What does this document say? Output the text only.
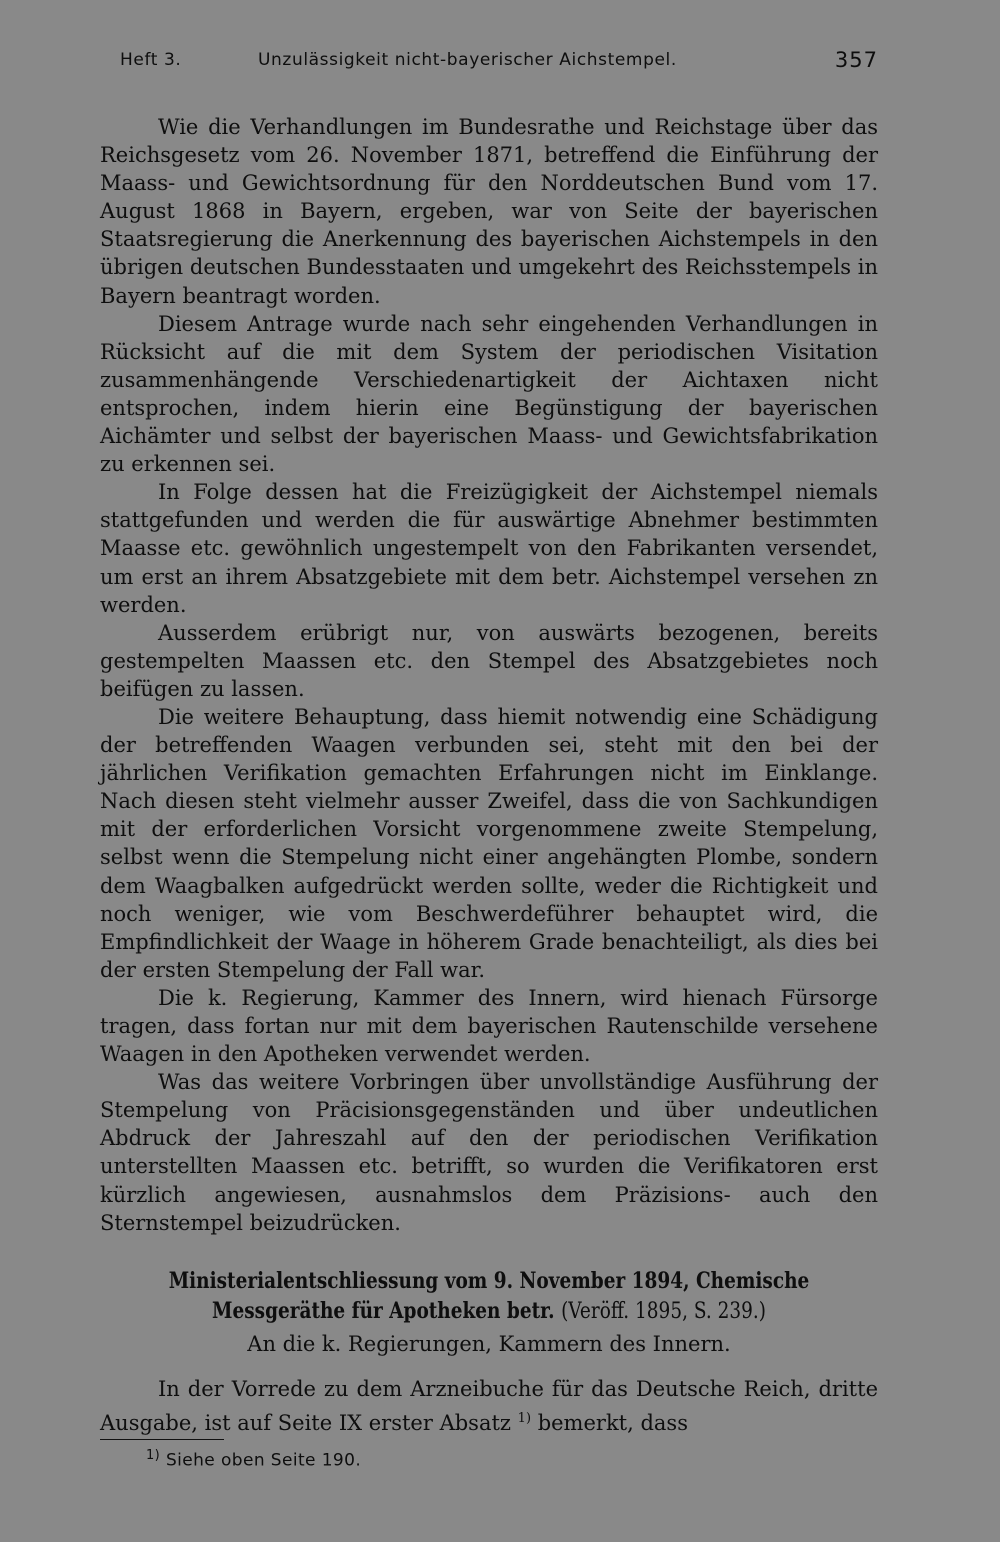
Heft 3.	Unzulässigkeit nicht-bayerischer Aichstempel.	357

Wie die Verhandlungen im Bundesrathe und Reichstage über das Reichsgesetz vom 26. November 1871, betreffend die Einführung der Maass- und Gewichtsordnung für den Norddeutschen Bund vom 17. August 1868 in Bayern, ergeben, war von Seite der bayerischen Staatsregierung die Anerkennung des bayerischen Aichstempels in den übrigen deutschen Bundesstaaten und umgekehrt des Reichsstempels in Bayern beantragt worden.

Diesem Antrage wurde nach sehr eingehenden Verhandlungen in Rücksicht auf die mit dem System der periodischen Visitation zusammenhängende Verschiedenartigkeit der Aichtaxen nicht entsprochen, indem hierin eine Begünstigung der bayerischen Aichämter und selbst der bayerischen Maass- und Gewichtsfabrikation zu erkennen sei.

In Folge dessen hat die Freizügigkeit der Aichstempel niemals stattgefunden und werden die für auswärtige Abnehmer bestimmten Maasse etc. gewöhnlich ungestempelt von den Fabrikanten versendet, um erst an ihrem Absatzgebiete mit dem betr. Aichstempel versehen zn werden.

Ausserdem erübrigt nur, von auswärts bezogenen, bereits gestempelten Maassen etc. den Stempel des Absatzgebietes noch beifügen zu lassen.

Die weitere Behauptung, dass hiemit notwendig eine Schädigung der betreffenden Waagen verbunden sei, steht mit den bei der jährlichen Verifikation gemachten Erfahrungen nicht im Einklange. Nach diesen steht vielmehr ausser Zweifel, dass die von Sachkundigen mit der erforderlichen Vorsicht vorgenommene zweite Stempelung, selbst wenn die Stempelung nicht einer angehängten Plombe, sondern dem Waagbalken aufgedrückt werden sollte, weder die Richtigkeit und noch weniger, wie vom Beschwerdeführer behauptet wird, die Empfindlichkeit der Waage in höherem Grade benachteiligt, als dies bei der ersten Stempelung der Fall war.

Die k. Regierung, Kammer des Innern, wird hienach Fürsorge tragen, dass fortan nur mit dem bayerischen Rautenschilde versehene Waagen in den Apotheken verwendet werden.

Was das weitere Vorbringen über unvollständige Ausführung der Stempelung von Präcisionsgegenständen und über undeutlichen Abdruck der Jahreszahl auf den der periodischen Verifikation unterstellten Maassen etc. betrifft, so wurden die Verifikatoren erst kürzlich angewiesen, ausnahmslos dem Präzisions- auch den Sternstempel beizudrücken.

Ministerialentschliessung vom 9. November 1894, Chemische
Messgeräthe für Apotheken betr. (Veröff. 1895, S. 239.)
An die k. Regierungen, Kammern des Innern.
In der Vorrede zu dem Arzneibuche für das Deutsche Reich, dritte Ausgabe, ist auf Seite IX erster Absatz $^{1)}$ bemerkt, dass
$^{1)}$ Siehe oben Seite 190.
